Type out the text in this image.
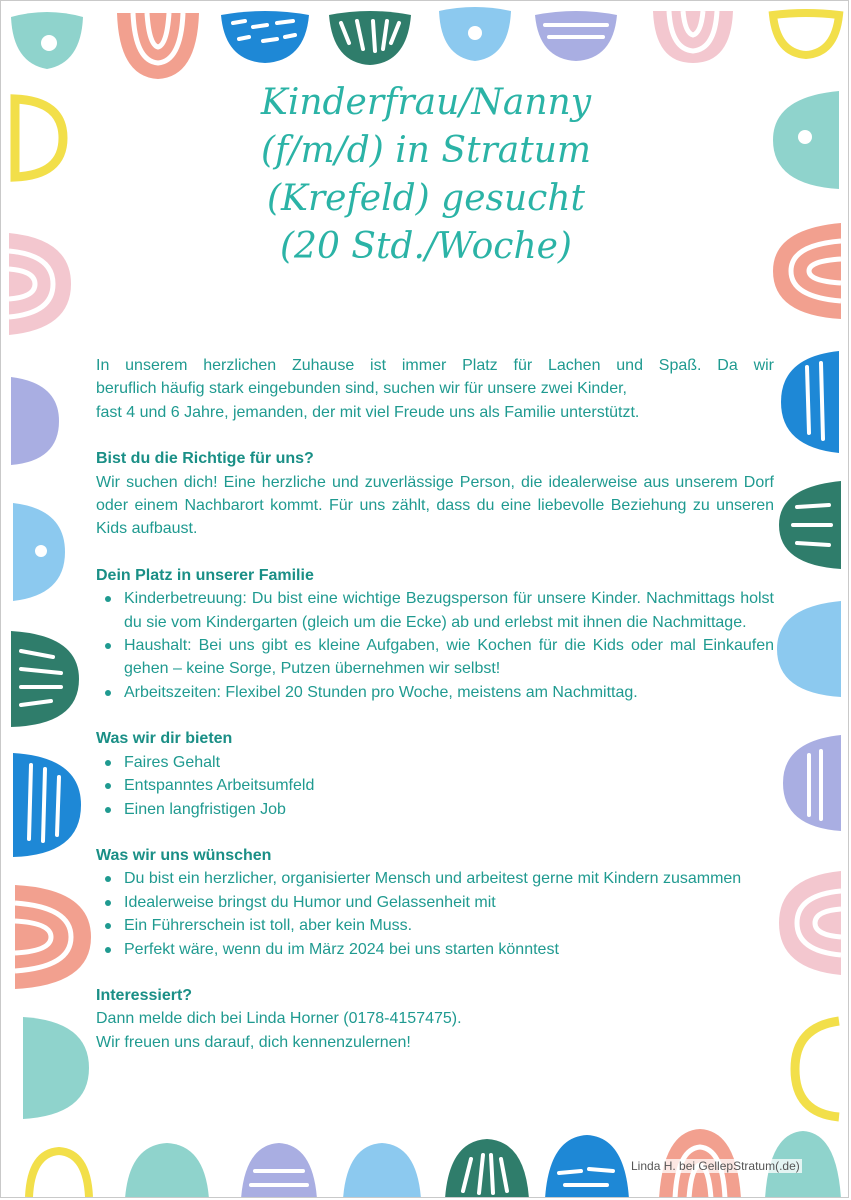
Kinderfrau/Nanny
(f/m/d) in Stratum
(Krefeld) gesucht
(20 Std./Woche)

In unserem herzlichen Zuhause ist immer Platz für Lachen und Spaß. Da wir
beruflich häufig stark eingebunden sind, suchen wir für unsere zwei Kinder,
fast 4 und 6 Jahre, jemanden, der mit viel Freude uns als Familie unterstützt.

Bist du die Richtige für uns?

Wir suchen dich! Eine herzliche und zuverlässige Person, die idealerweise aus unserem Dorf oder einem Nachbarort kommt. Für uns zählt, dass du eine liebevolle Beziehung zu unseren Kids aufbaust.

Dein Platz in unserer Familie
Kinderbetreuung: Du bist eine wichtige Bezugsperson für unsere Kinder. Nachmittags holst du sie vom Kindergarten (gleich um die Ecke) ab und erlebst mit ihnen die Nachmittage.
Haushalt: Bei uns gibt es kleine Aufgaben, wie Kochen für die Kids oder mal Einkaufen gehen – keine Sorge, Putzen übernehmen wir selbst!
Arbeitszeiten: Flexibel 20 Stunden pro Woche, meistens am Nachmittag.
Was wir dir bieten
Faires Gehalt
Entspanntes Arbeitsumfeld
Einen langfristigen Job
Was wir uns wünschen
Du bist ein herzlicher, organisierter Mensch und arbeitest gerne mit Kindern zusammen
Idealerweise bringst du Humor und Gelassenheit mit
Ein Führerschein ist toll, aber kein Muss.
Perfekt wäre, wenn du im März 2024 bei uns starten könntest
Interessiert?

Dann melde dich bei Linda Horner (0178-4157475).
Wir freuen uns darauf, dich kennenzulernen!

Linda H. bei GellepStratum(.de)
